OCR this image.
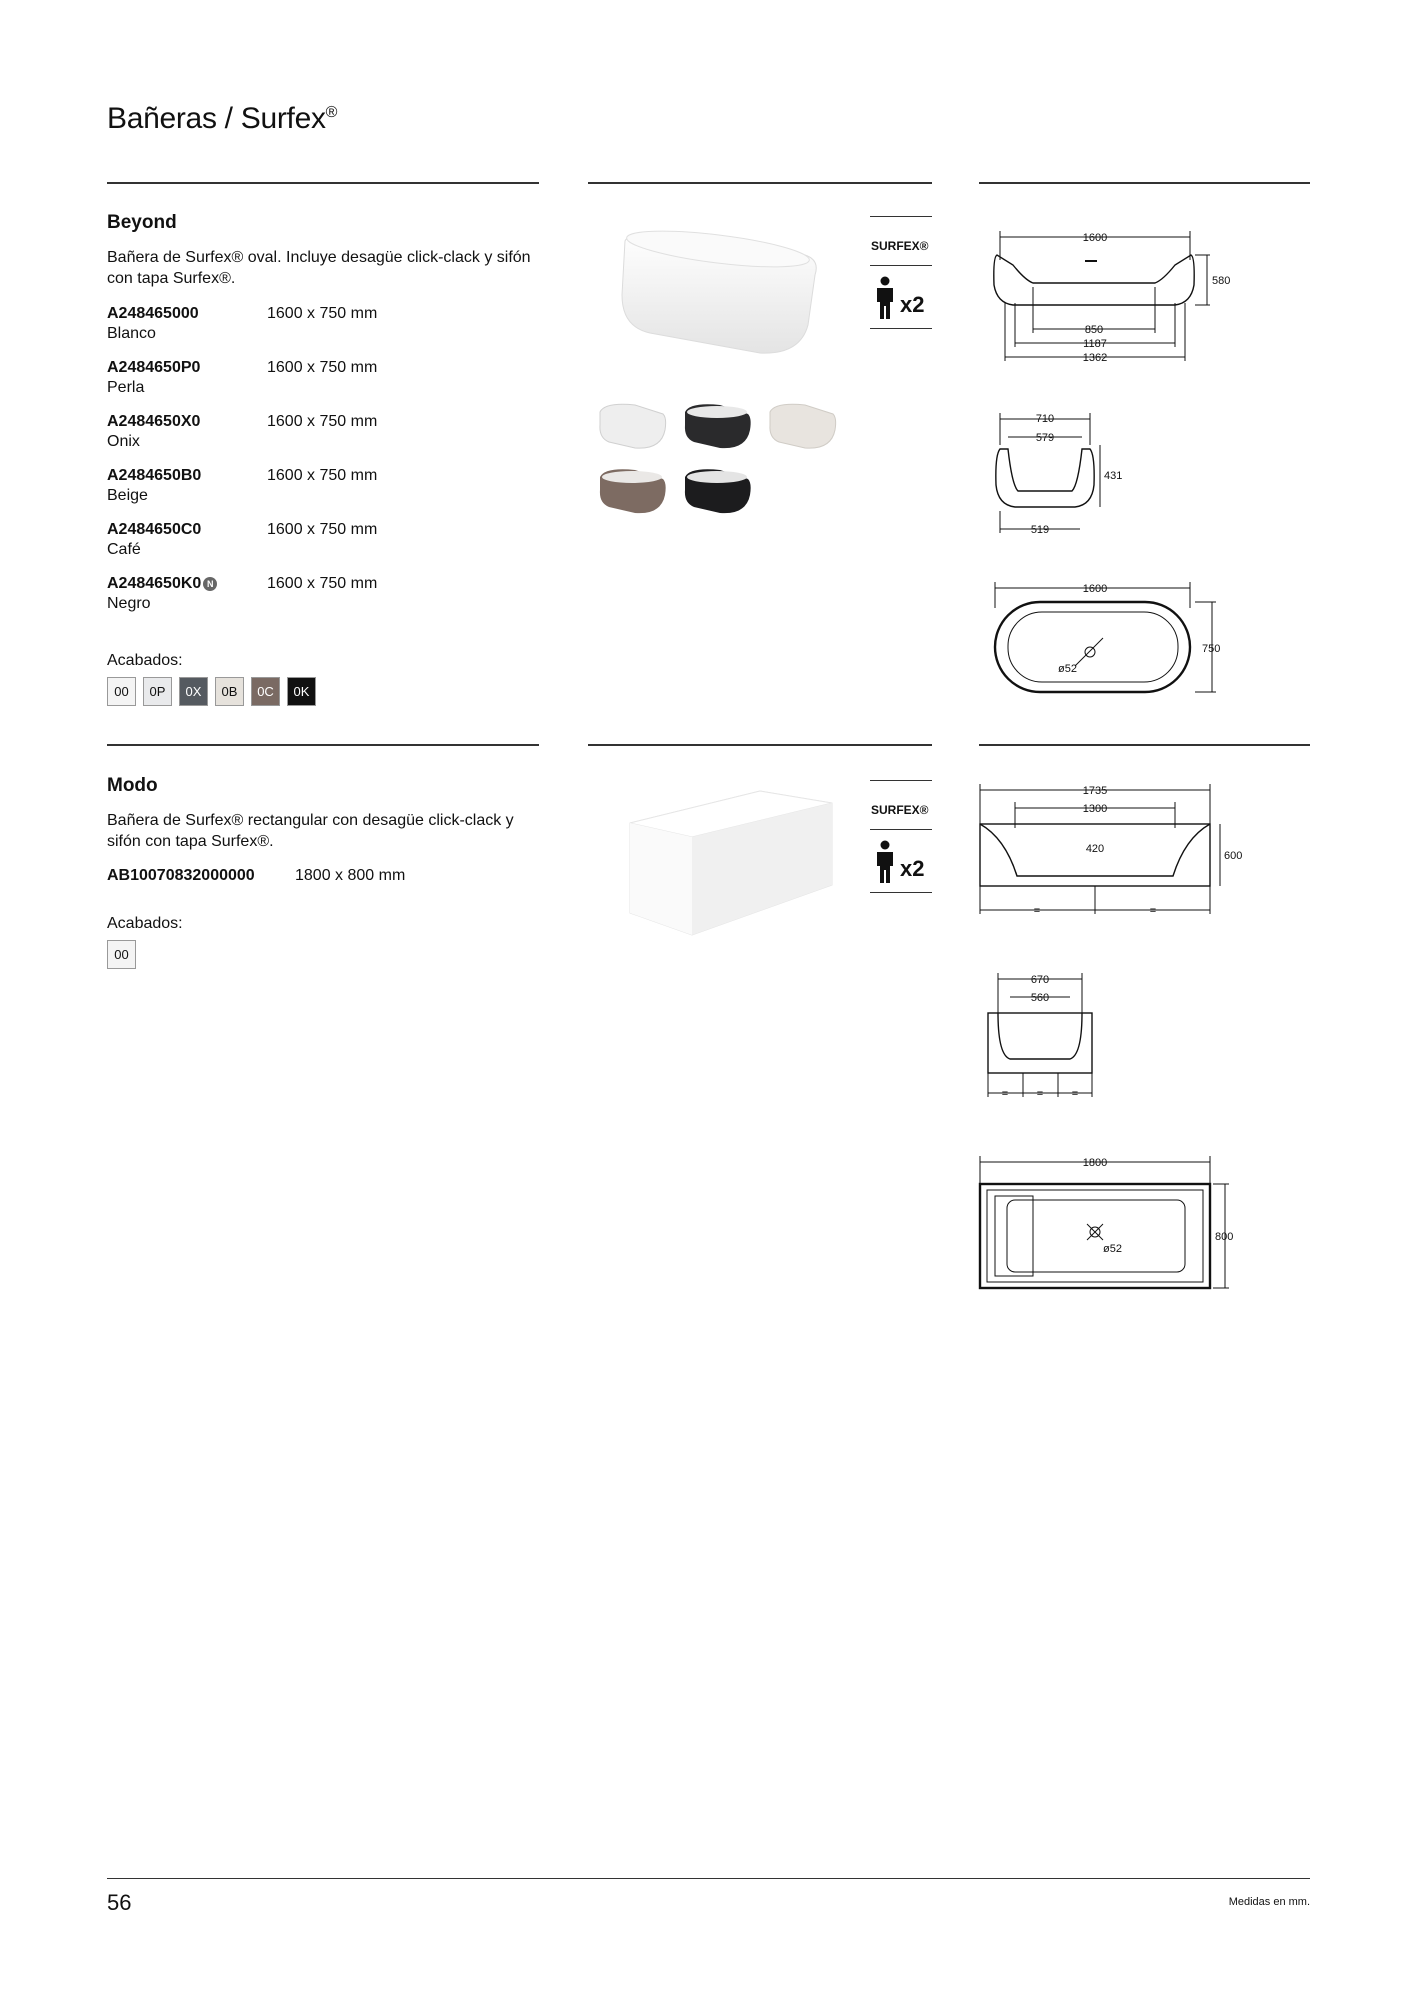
Bañeras / Surfex®
Beyond
Bañera de Surfex® oval. Incluye desagüe click-clack y sifón con tapa Surfex®.
A248465000	1600 x 750 mm
Blanco
A2484650P0	1600 x 750 mm
Perla
A2484650X0	1600 x 750 mm
Onix
A2484650B0	1600 x 750 mm
Beige
A2484650C0	1600 x 750 mm
Café
A2484650K0 N	1600 x 750 mm
Negro
Acabados:
00	0P	0X	0B	0C	0K
SURFEX®
x2
1600
580
850
1187
1362
710
579
431
519
1600
750
ø52
Modo
Bañera de Surfex® rectangular con desagüe click-clack y sifón con tapa Surfex®.
AB10070832000000	1800 x 800 mm
Acabados:
00
SURFEX®
x2
1735
1300
420
600
=	=
670
560
=	=	=
1800
800
ø52
56	Medidas en mm.
